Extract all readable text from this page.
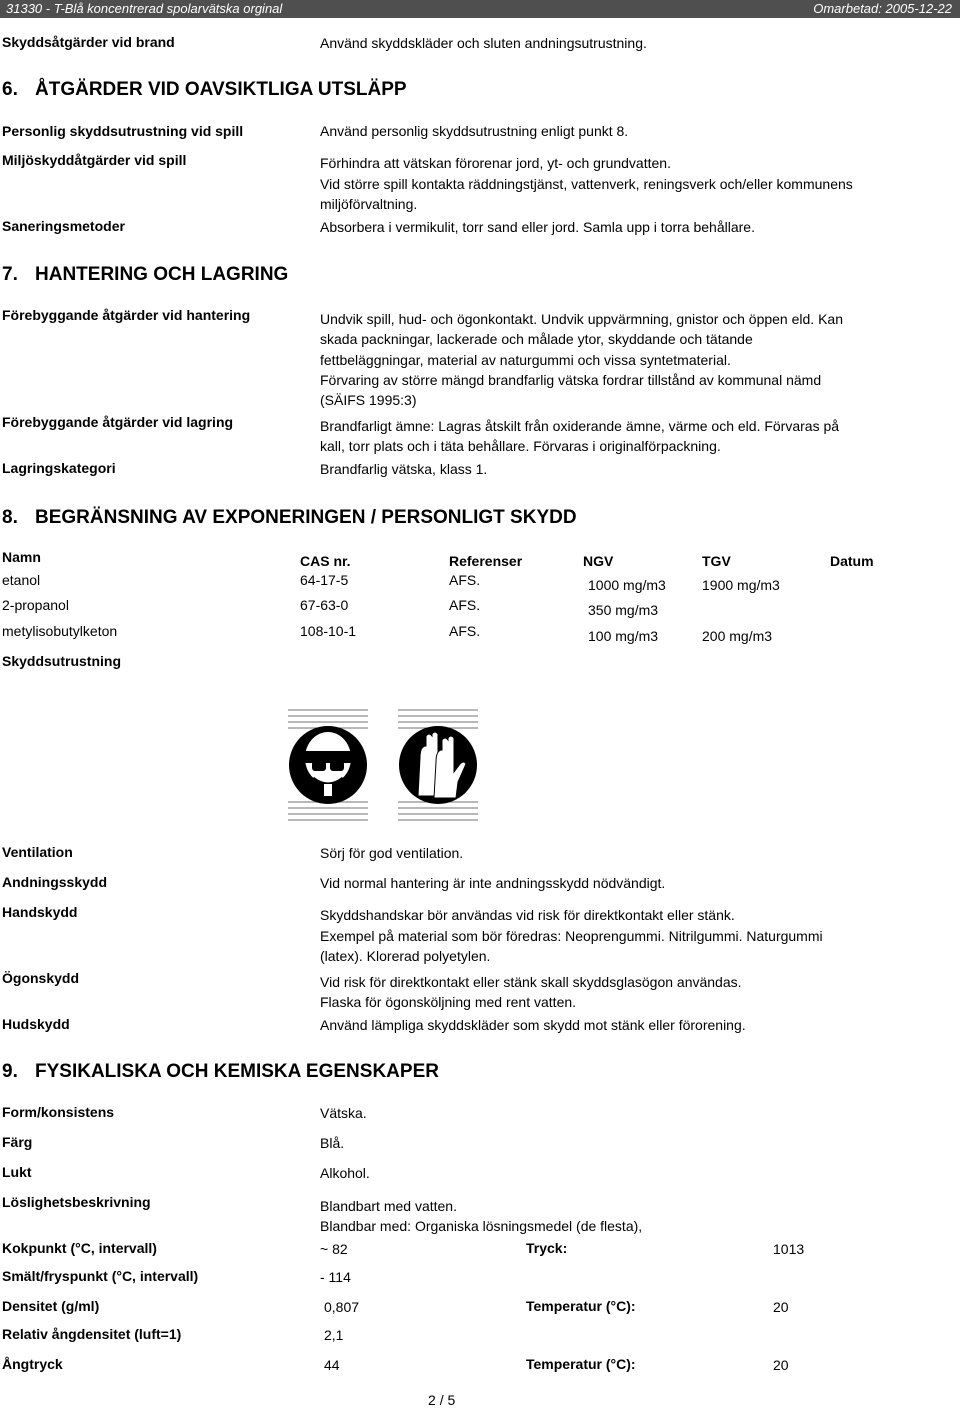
31330 - T-Blå koncentrerad spolarvätska orginal	Omarbetad: 2005-12-22
Skyddsåtgärder vid brand	Använd skyddskläder och sluten andningsutrustning.
6. ÅTGÄRDER VID OAVSIKTLIGA UTSLÄPP
Personlig skyddsutrustning vid spill	Använd personlig skyddsutrustning enligt punkt 8.
Miljöskyddåtgärder vid spill	Förhindra att vätskan förorenar jord, yt- och grundvatten.
Vid större spill kontakta räddningstjänst, vattenverk, reningsverk och/eller kommunens
miljöförvaltning.
Saneringsmetoder	Absorbera i vermikulit, torr sand eller jord. Samla upp i torra behållare.
7. HANTERING OCH LAGRING
Förebyggande åtgärder vid hantering	Undvik spill, hud- och ögonkontakt. Undvik uppvärmning, gnistor och öppen eld. Kan
skada packningar, lackerade och målade ytor, skyddande och tätande
fettbeläggningar, material av naturgummi och vissa syntetmaterial.
Förvaring av större mängd brandfarlig vätska fordrar tillstånd av kommunal nämd
(SÄIFS 1995:3)
Förebyggande åtgärder vid lagring	Brandfarligt ämne: Lagras åtskilt från oxiderande ämne, värme och eld. Förvaras på
kall, torr plats och i täta behållare. Förvaras i originalförpackning.
Lagringskategori	Brandfarlig vätska, klass 1.
8. BEGRÄNSNING AV EXPONERINGEN / PERSONLIGT SKYDD
Namn	CAS nr.	Referenser	NGV	TGV	Datum
etanol	64-17-5	AFS.	1000 mg/m3	1900 mg/m3
2-propanol	67-63-0	AFS.	350 mg/m3
metylisobutylketon	108-10-1	AFS.	100 mg/m3	200 mg/m3
Skyddsutrustning
Ventilation	Sörj för god ventilation.
Andningsskydd	Vid normal hantering är inte andningsskydd nödvändigt.
Handskydd	Skyddshandskar bör användas vid risk för direktkontakt eller stänk.
Exempel på material som bör föredras: Neoprengummi. Nitrilgummi. Naturgummi
(latex). Klorerad polyetylen.
Ögonskydd	Vid risk för direktkontakt eller stänk skall skyddsglasögon användas.
Flaska för ögonsköljning med rent vatten.
Hudskydd	Använd lämpliga skyddskläder som skydd mot stänk eller förorening.
9. FYSIKALISKA OCH KEMISKA EGENSKAPER
Form/konsistens	Vätska.
Färg	Blå.
Lukt	Alkohol.
Löslighetsbeskrivning	Blandbart med vatten.
Blandbar med: Organiska lösningsmedel (de flesta),
Kokpunkt (°C, intervall)	~ 82	Tryck:	1013
Smält/fryspunkt (°C, intervall)	- 114
Densitet (g/ml)	0,807	Temperatur (°C):	20
Relativ ångdensitet (luft=1)	2,1
Ångtryck	44	Temperatur (°C):	20
2 / 5
